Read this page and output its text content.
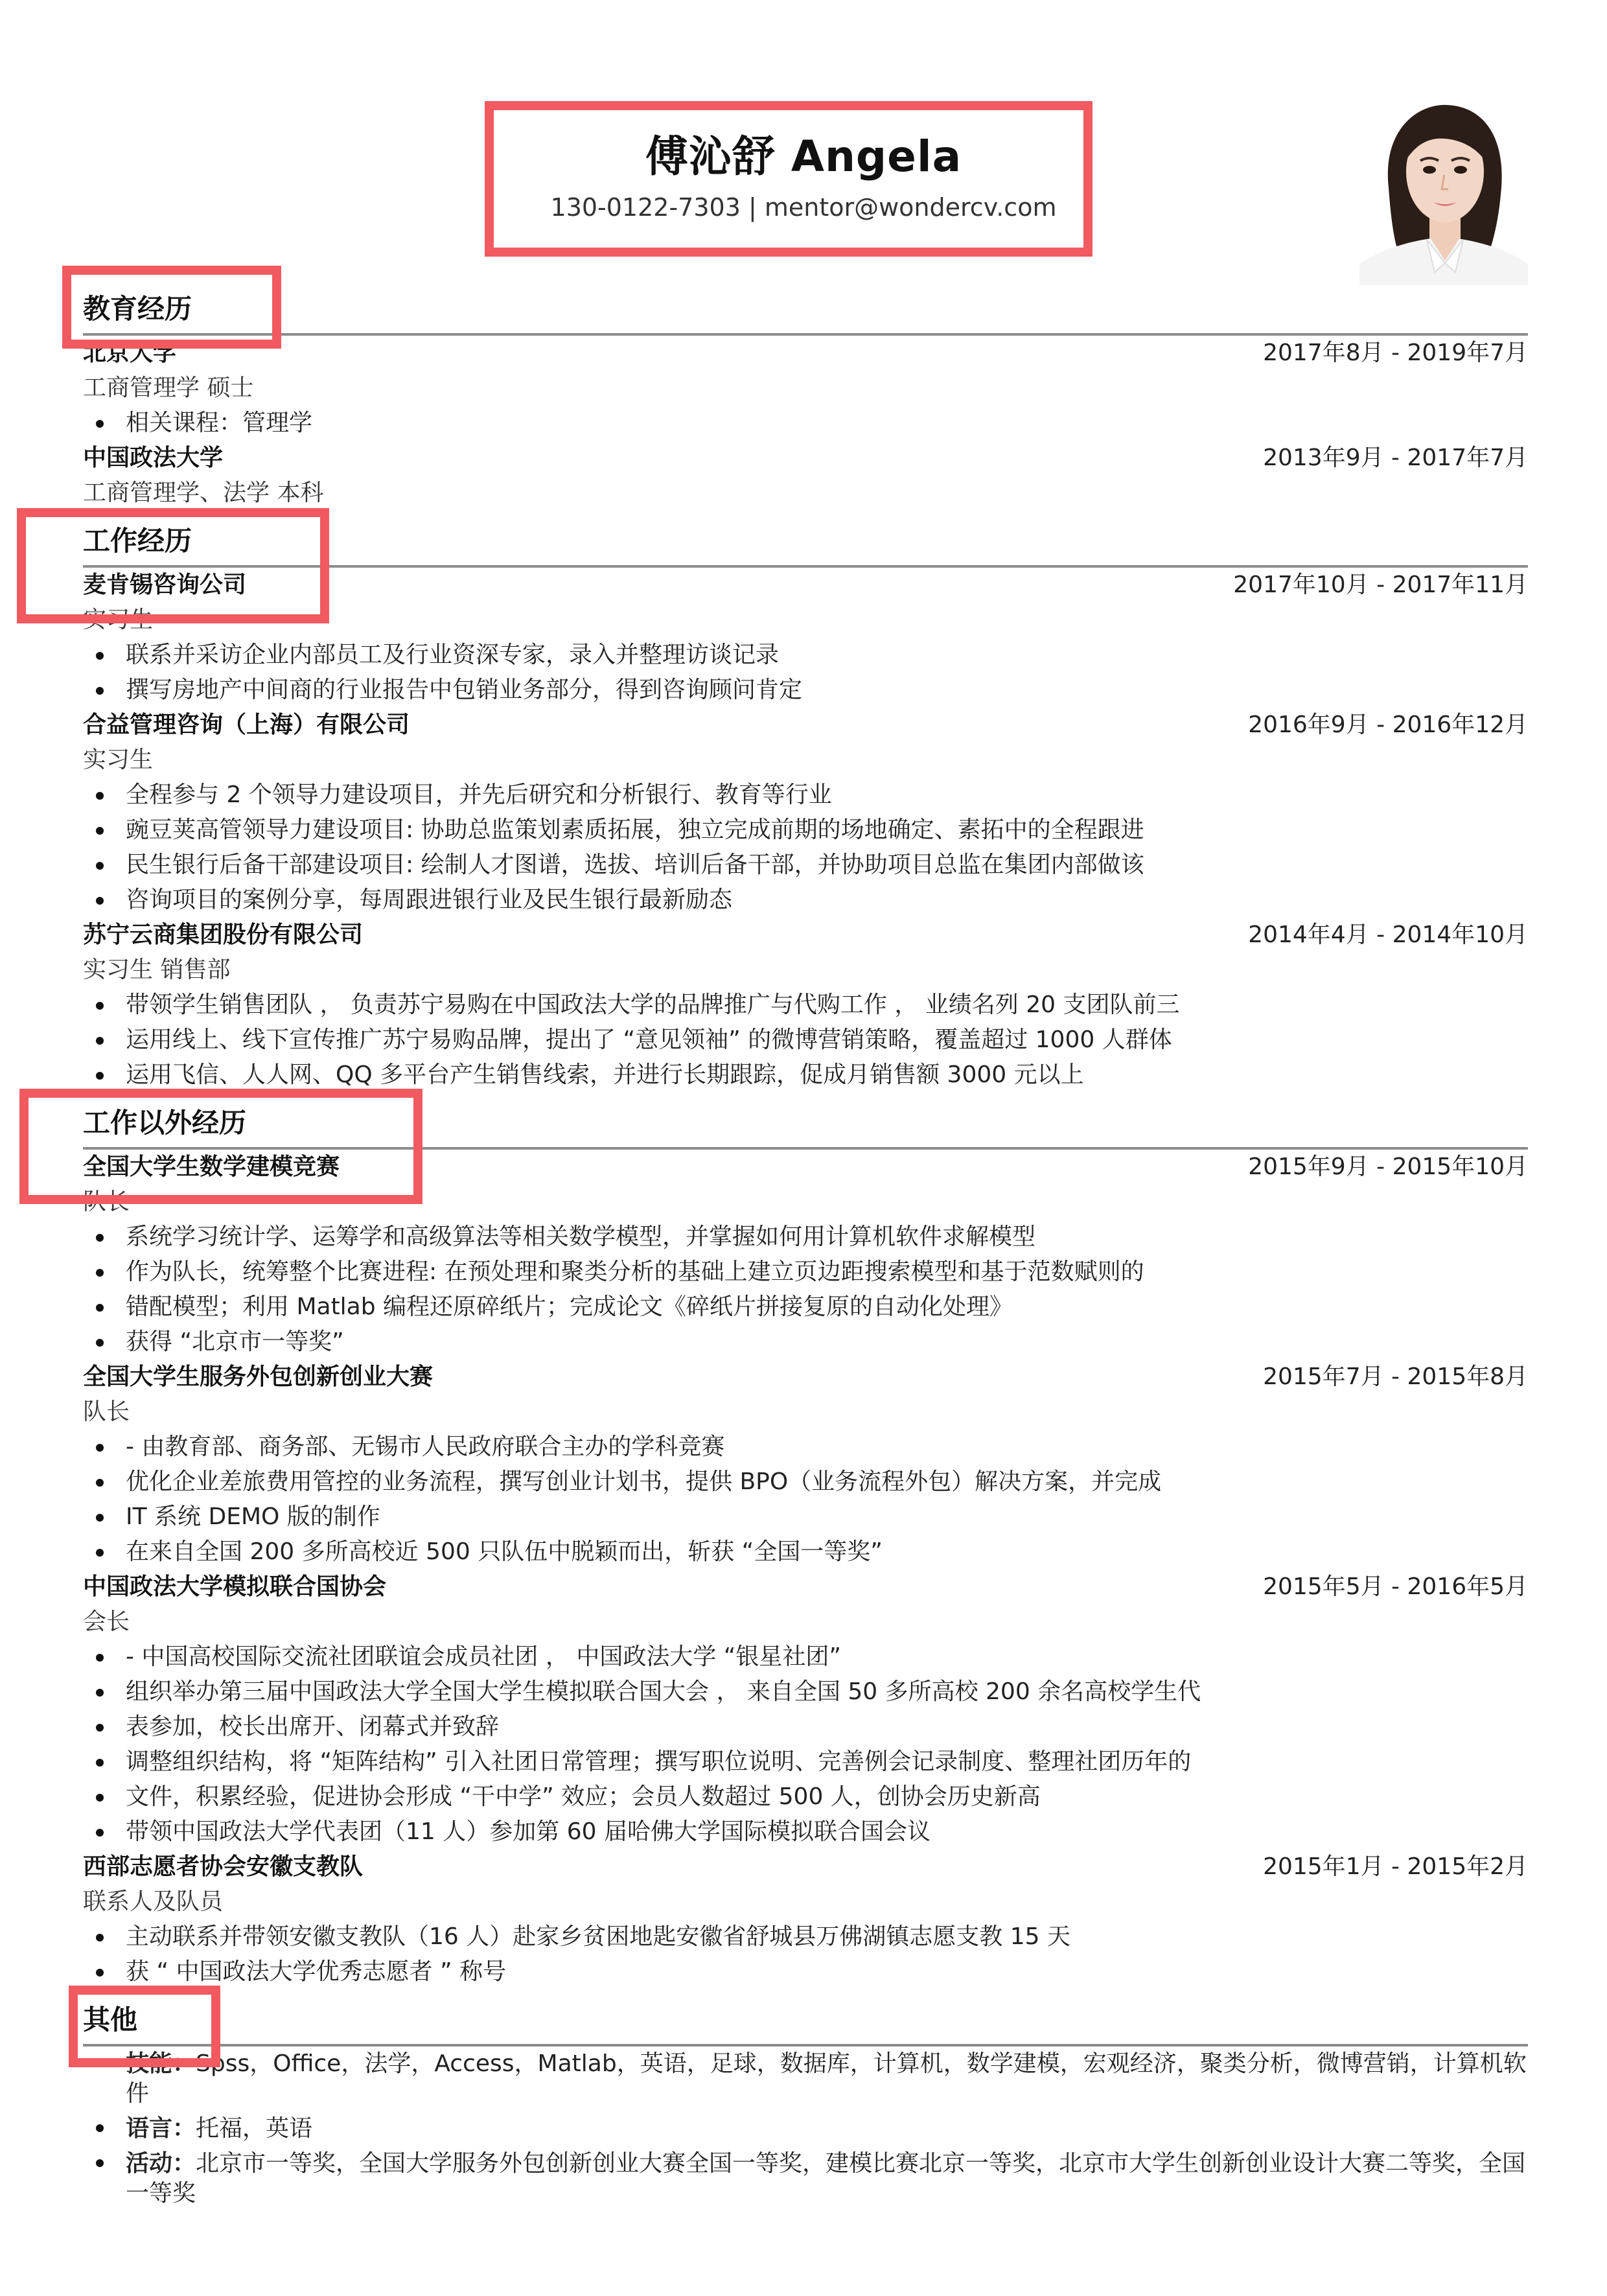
傅沁舒 Angela
130-0122-7303 | mentor@wondercv.com
教育经历
北京大学	2017年8月 - 2019年7月
工商管理学 硕士
相关课程：管理学
中国政法大学	2013年9月 - 2017年7月
工商管理学、法学 本科
工作经历
麦肯锡咨询公司	2017年10月 - 2017年11月
实习生
联系并采访企业内部员工及行业资深专家，录入并整理访谈记录
撰写房地产中间商的行业报告中包销业务部分，得到咨询顾问肯定
合益管理咨询（上海）有限公司	2016年9月 - 2016年12月
实习生
全程参与 2 个领导力建设项目，并先后研究和分析银行、教育等行业
豌豆荚高管领导力建设项目: 协助总监策划素质拓展，独立完成前期的场地确定、素拓中的全程跟进
民生银行后备干部建设项目: 绘制人才图谱，选拔、培训后备干部，并协助项目总监在集团内部做该
咨询项目的案例分享，每周跟进银行业及民生银行最新励态
苏宁云商集团股份有限公司	2014年4月 - 2014年10月
实习生 销售部
带领学生销售团队 ， 负责苏宁易购在中国政法大学的品牌推广与代购工作 ， 业绩名列 20 支团队前三
运用线上、线下宣传推广苏宁易购品牌，提出了 “意见领袖” 的微博营销策略，覆盖超过 1000 人群体
运用飞信、人人网、QQ 多平台产生销售线索，并进行长期跟踪，促成月销售额 3000 元以上
工作以外经历
全国大学生数学建模竞赛	2015年9月 - 2015年10月
队长
系统学习统计学、运筹学和高级算法等相关数学模型，并掌握如何用计算机软件求解模型
作为队长，统筹整个比赛进程: 在预处理和聚类分析的基础上建立页边距搜索模型和基于范数赋则的
错配模型；利用 Matlab 编程还原碎纸片；完成论文《碎纸片拼接复原的自动化处理》
获得 “北京市一等奖”
全国大学生服务外包创新创业大赛	2015年7月 - 2015年8月
队长
- 由教育部、商务部、无锡市人民政府联合主办的学科竞赛
优化企业差旅费用管控的业务流程，撰写创业计划书，提供 BPO（业务流程外包）解决方案，并完成
IT 系统 DEMO 版的制作
在来自全国 200 多所高校近 500 只队伍中脱颖而出，斩获 “全国一等奖”
中国政法大学模拟联合国协会	2015年5月 - 2016年5月
会长
- 中国高校国际交流社团联谊会成员社团 ， 中国政法大学 “银星社团”
组织举办第三届中国政法大学全国大学生模拟联合国大会 ， 来自全国 50 多所高校 200 余名高校学生代
表参加，校长出席开、闭幕式并致辞
调整组织结构，将 “矩阵结构” 引入社团日常管理；撰写职位说明、完善例会记录制度、整理社团历年的
文件，积累经验，促进协会形成 “干中学” 效应；会员人数超过 500 人，创协会历史新高
带领中国政法大学代表团（11 人）参加第 60 届哈佛大学国际模拟联合国会议
西部志愿者协会安徽支教队	2015年1月 - 2015年2月
联系人及队员
主动联系并带领安徽支教队（16 人）赴家乡贫困地匙安徽省舒城县万佛湖镇志愿支教 15 天
获 “ 中国政法大学优秀志愿者 ” 称号
其他
技能：Spss，Office，法学，Access，Matlab，英语，足球，数据库，计算机，数学建模，宏观经济，聚类分析，微博营销，计算机软件
语言：托福，英语
活动：北京市一等奖，全国大学服务外包创新创业大赛全国一等奖，建模比赛北京一等奖，北京市大学生创新创业设计大赛二等奖，全国一等奖
